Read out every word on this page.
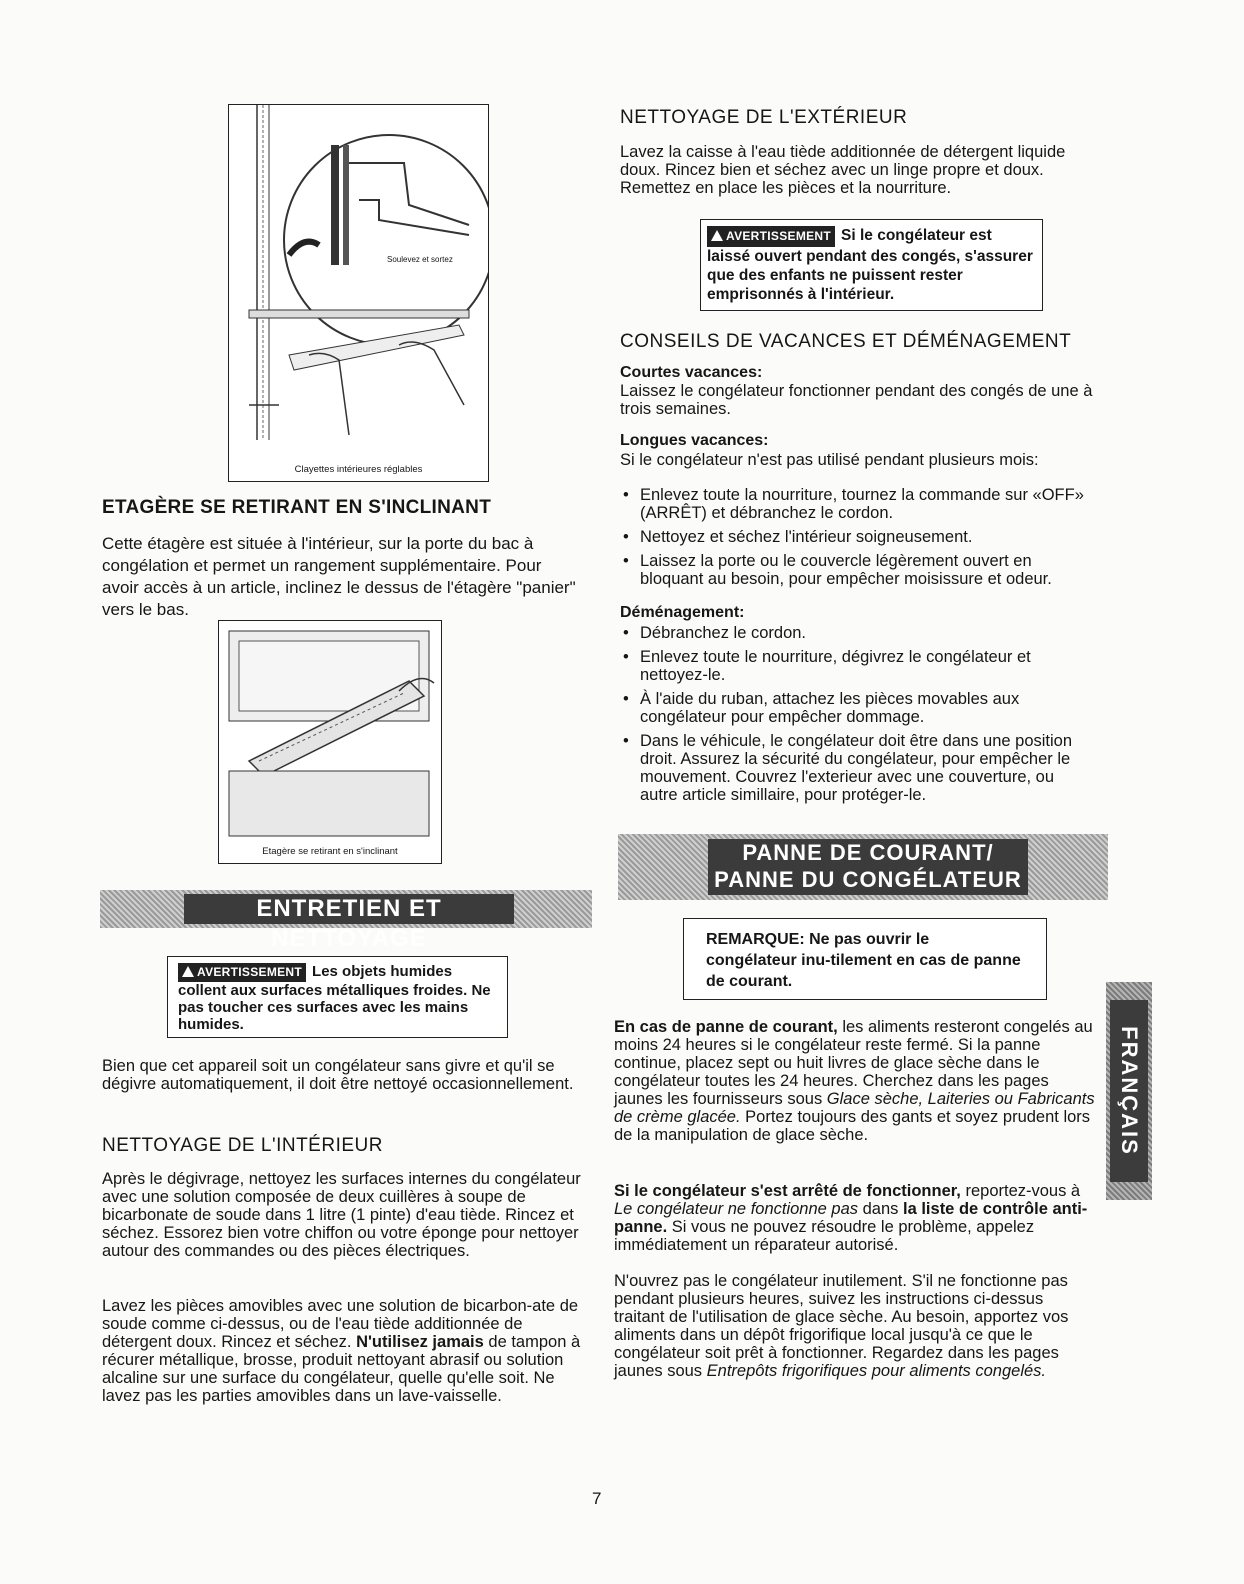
Soulevez et sortez
Clayettes intérieures réglables
ETAGÈRE SE RETIRANT EN S'INCLINANT

Cette étagère est située à l'intérieur, sur la porte du bac à congélation et permet un rangement supplémentaire. Pour avoir accès à un article, inclinez le dessus de l'étagère "panier" vers le bas.

Etagère se retirant en s'inclinant
ENTRETIEN ET NETTOYAGE
AVERTISSEMENT Les objets humides collent aux surfaces métalliques froides. Ne pas toucher ces surfaces avec les mains humides.

Bien que cet appareil soit un congélateur sans givre et qu'il se dégivre automatiquement, il doit être nettoyé occasionnellement.

NETTOYAGE DE L'INTÉRIEUR

Après le dégivrage, nettoyez les surfaces internes du congélateur avec une solution composée de deux cuillères à soupe de bicarbonate de soude dans 1 litre (1 pinte) d'eau tiède. Rincez et séchez. Essorez bien votre chiffon ou votre éponge pour nettoyer autour des commandes ou des pièces électriques.

Lavez les pièces amovibles avec une solution de bicarbon-ate de soude comme ci-dessus, ou de l'eau tiède additionnée de détergent doux. Rincez et séchez. N'utilisez jamais de tampon à récurer métallique, brosse, produit nettoyant abrasif ou solution alcaline sur une surface du congélateur, quelle qu'elle soit. Ne lavez pas les parties amovibles dans un lave-vaisselle.

NETTOYAGE DE L'EXTÉRIEUR

Lavez la caisse à l'eau tiède additionnée de détergent liquide doux. Rincez bien et séchez avec un linge propre et doux. Remettez en place les pièces et la nourriture.

AVERTISSEMENT Si le congélateur est laissé ouvert pendant des congés, s'assurer que des enfants ne puissent rester emprisonnés à l'intérieur.
CONSEILS DE VACANCES ET DÉMÉNAGEMENT
Courtes vacances:

Laissez le congélateur fonctionner pendant des congés de une à trois semaines.

Longues vacances:

Si le congélateur n'est pas utilisé pendant plusieurs mois:

• Enlevez toute la nourriture, tournez la commande sur «OFF» (ARRÊT) et débranchez le cordon.
• Nettoyez et séchez l'intérieur soigneusement.
• Laissez la porte ou le couvercle légèrement ouvert en bloquant au besoin, pour empêcher moisissure et odeur.
Déménagement:
• Débranchez le cordon.
• Enlevez toute le nourriture, dégivrez le congélateur et nettoyez-le.
• À l'aide du ruban, attachez les pièces movables aux congélateur pour empêcher dommage.
• Dans le véhicule, le congélateur doit être dans une position droit. Assurez la sécurité du congélateur, pour empêcher le mouvement. Couvrez l'exterieur avec une couverture, ou autre article simillaire, pour protéger-le.
PANNE DE COURANT/
PANNE DU CONGÉLATEUR
REMARQUE: Ne pas ouvrir le congélateur inu-tilement en cas de panne de courant.

En cas de panne de courant, les aliments resteront congelés au moins 24 heures si le congélateur reste fermé. Si la panne continue, placez sept ou huit livres de glace sèche dans le congélateur toutes les 24 heures. Cherchez dans les pages jaunes les fournisseurs sous Glace sèche, Laiteries ou Fabricants de crème glacée. Portez toujours des gants et soyez prudent lors de la manipulation de glace sèche.

Si le congélateur s'est arrêté de fonctionner, reportez-vous à Le congélateur ne fonctionne pas dans la liste de contrôle anti-panne. Si vous ne pouvez résoudre le problème, appelez immédiatement un réparateur autorisé.

N'ouvrez pas le congélateur inutilement. S'il ne fonctionne pas pendant plusieurs heures, suivez les instructions ci-dessus traitant de l'utilisation de glace sèche. Au besoin, apportez vos aliments dans un dépôt frigorifique local jusqu'à ce que le congélateur soit prêt à fonctionner. Regardez dans les pages jaunes sous Entrepôts frigorifiques pour aliments congelés.

FRANÇAIS
7
